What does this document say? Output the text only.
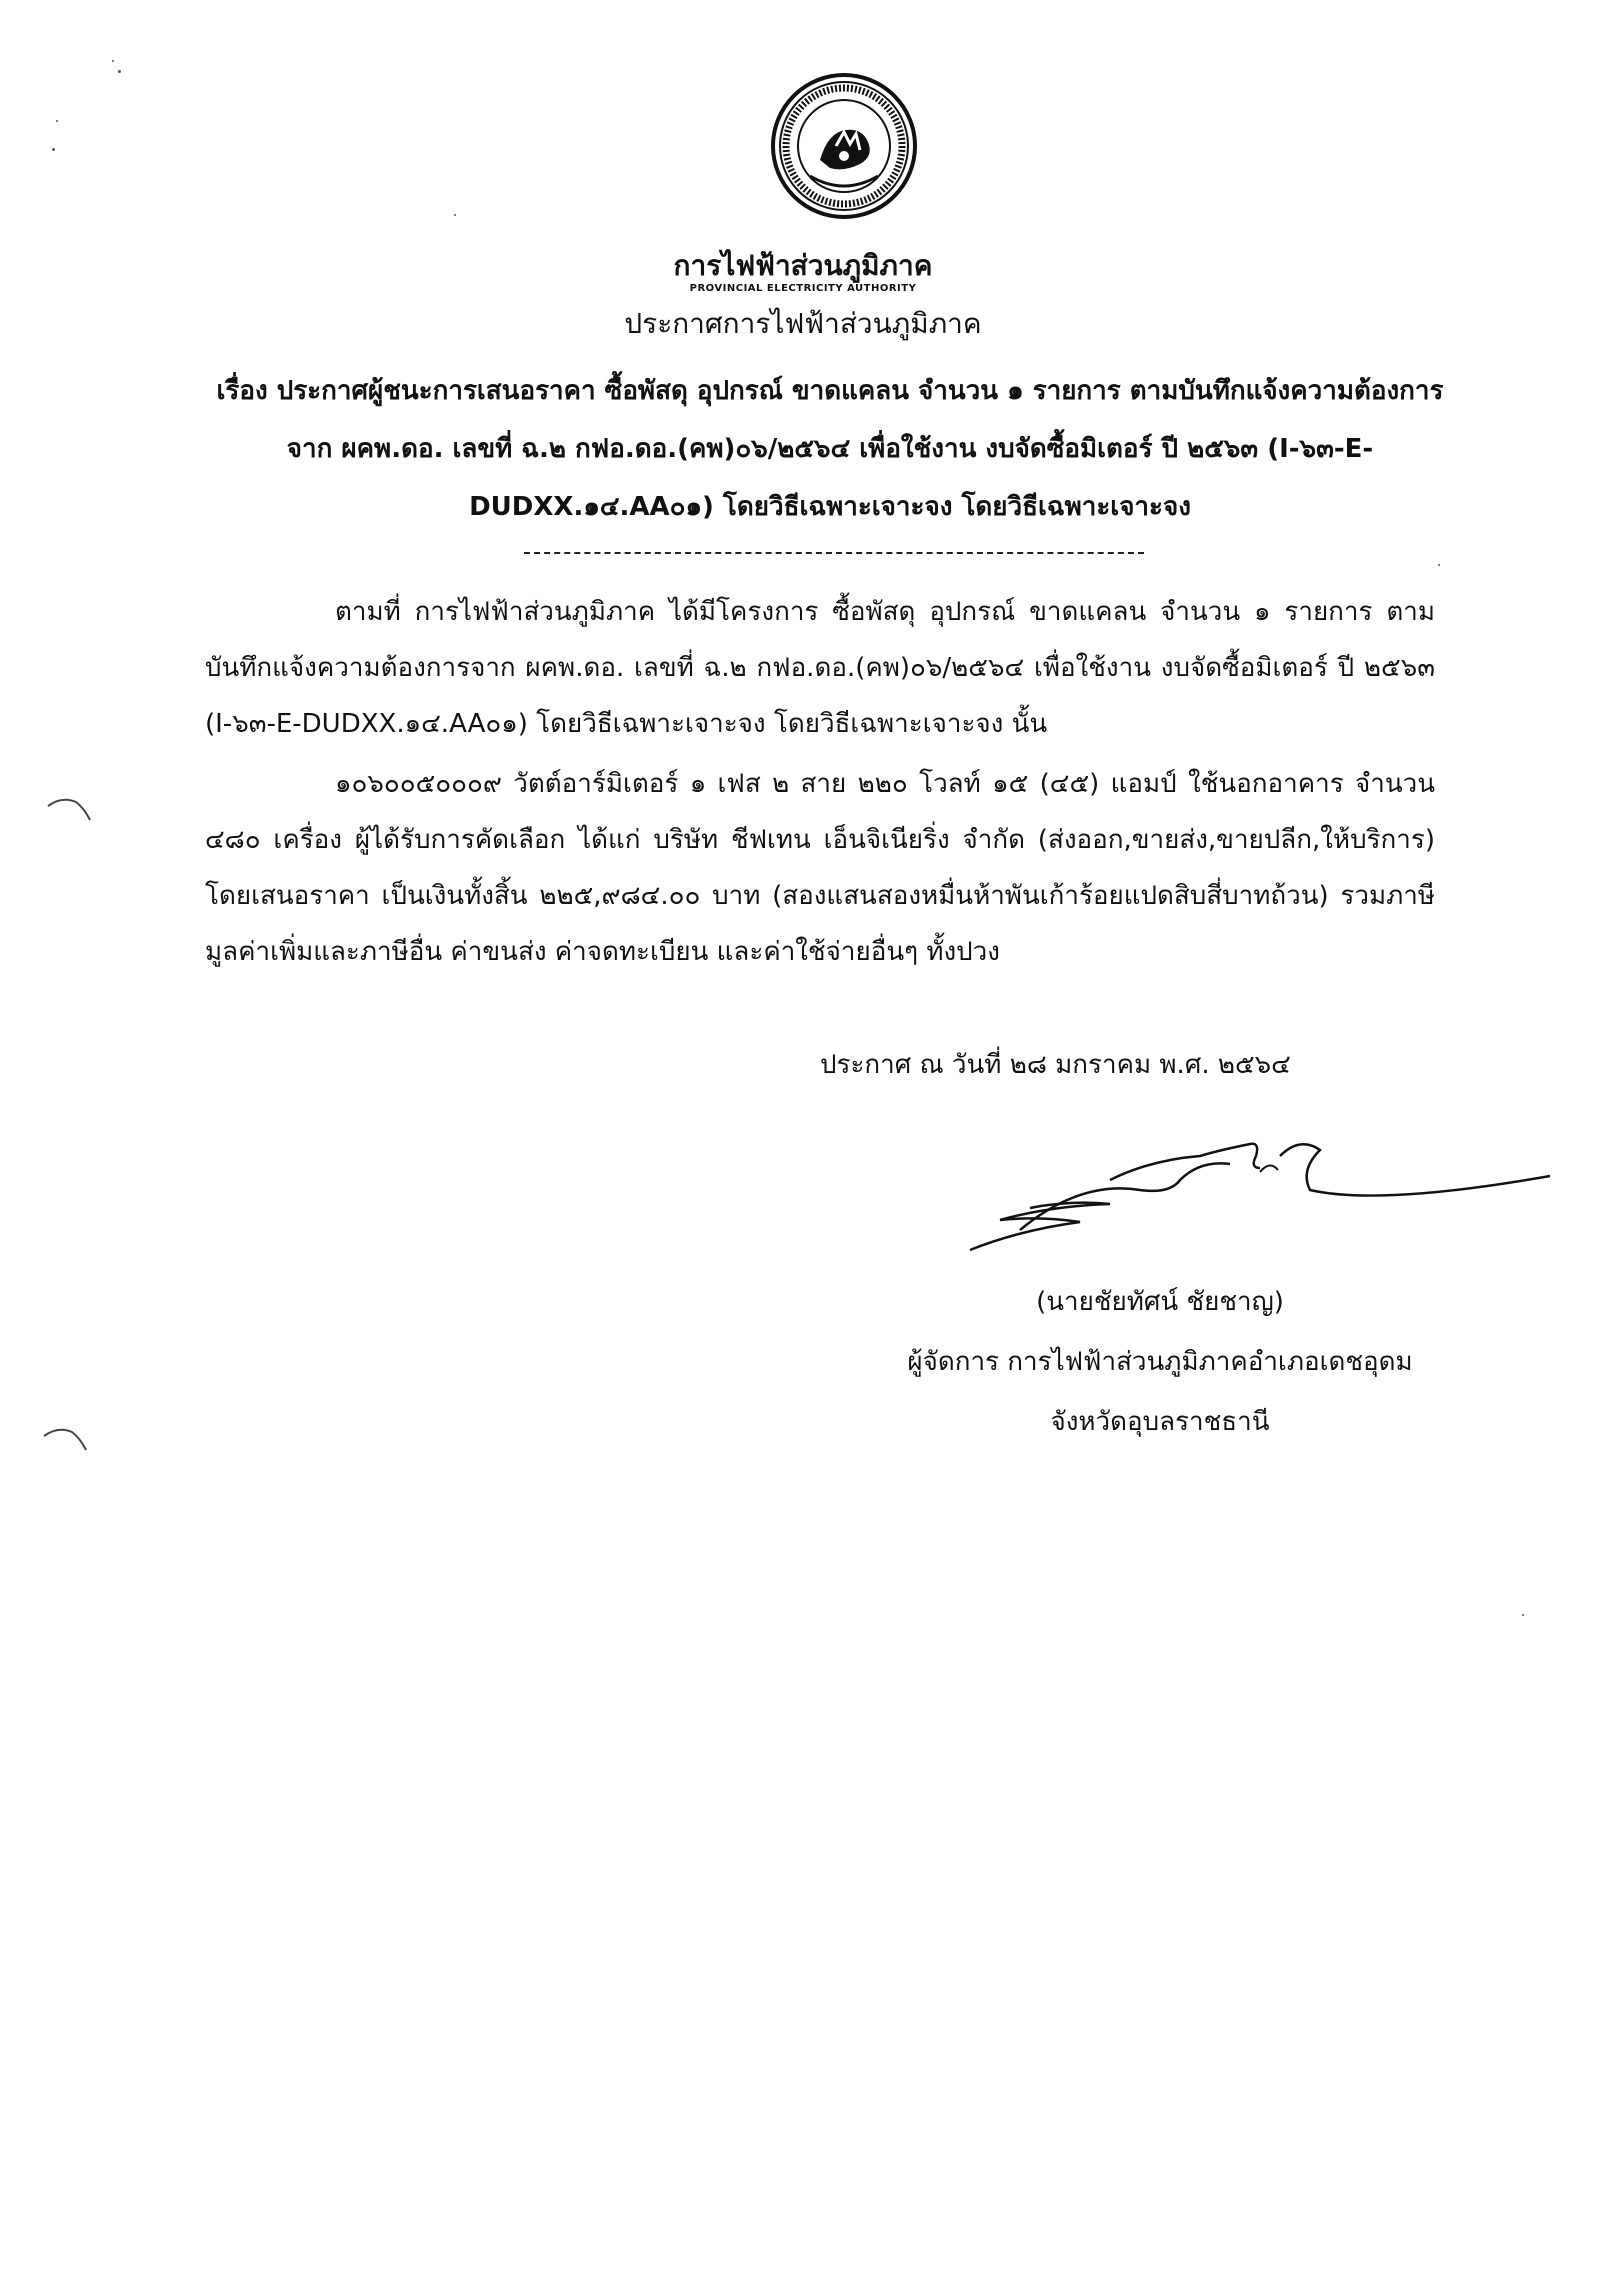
การไฟฟ้าส่วนภูมิภาค
PROVINCIAL ELECTRICITY AUTHORITY
ประกาศการไฟฟ้าส่วนภูมิภาค
เรื่อง ประกาศผู้ชนะการเสนอราคา ซื้อพัสดุ อุปกรณ์ ขาดแคลน จำนวน ๑ รายการ ตามบันทึกแจ้งความต้องการ
จาก ผคพ.ดอ. เลขที่ ฉ.๒ กฟอ.ดอ.(คพ)๐๖/๒๕๖๔ เพื่อใช้งาน งบจัดซื้อมิเตอร์ ปี ๒๕๖๓ (I-๖๓-E-
DUDXX.๑๔.AA๐๑) โดยวิธีเฉพาะเจาะจง โดยวิธีเฉพาะเจาะจง
ตามที่ การไฟฟ้าส่วนภูมิภาค ได้มีโครงการ ซื้อพัสดุ อุปกรณ์ ขาดแคลน จำนวน ๑ รายการ ตามบันทึกแจ้งความต้องการจาก ผคพ.ดอ. เลขที่ ฉ.๒ กฟอ.ดอ.(คพ)๐๖/๒๕๖๔ เพื่อใช้งาน งบจัดซื้อมิเตอร์ ปี ๒๕๖๓ (I-๖๓-E-DUDXX.๑๔.AA๐๑) โดยวิธีเฉพาะเจาะจง โดยวิธีเฉพาะเจาะจง นั้น
๑๐๖๐๐๕๐๐๐๙ วัตต์อาร์มิเตอร์ ๑ เฟส ๒ สาย ๒๒๐ โวลท์ ๑๕ (๔๕) แอมป์ ใช้นอกอาคาร จำนวน ๔๘๐ เครื่อง ผู้ได้รับการคัดเลือก ได้แก่ บริษัท ชีฟเทน เอ็นจิเนียริ่ง จำกัด (ส่งออก,ขายส่ง,ขายปลีก,ให้บริการ) โดยเสนอราคา เป็นเงินทั้งสิ้น ๒๒๕,๙๘๔.๐๐ บาท (สองแสนสองหมื่นห้าพันเก้าร้อยแปดสิบสี่บาทถ้วน) รวมภาษีมูลค่าเพิ่มและภาษีอื่น ค่าขนส่ง ค่าจดทะเบียน และค่าใช้จ่ายอื่นๆ ทั้งปวง
ประกาศ ณ วันที่ ๒๘ มกราคม พ.ศ. ๒๕๖๔
(นายชัยทัศน์ ชัยชาญ)
ผู้จัดการ การไฟฟ้าส่วนภูมิภาคอำเภอเดชอุดม
จังหวัดอุบลราชธานี
